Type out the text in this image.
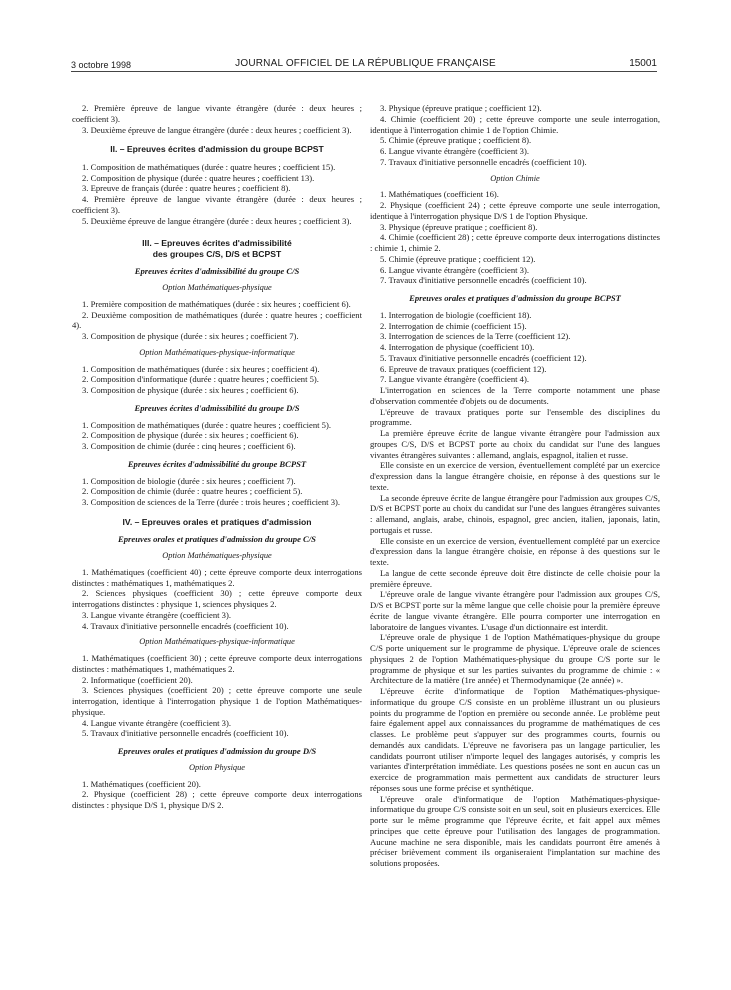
3 octobre 1998	JOURNAL OFFICIEL DE LA RÉPUBLIQUE FRANÇAISE	15001

2. Première épreuve de langue vivante étrangère (durée : deux heures ; coefficient 3).

3. Deuxième épreuve de langue étrangère (durée : deux heures ; coefficient 3).

II. – Epreuves écrites d'admission du groupe BCPST

1. Composition de mathématiques (durée : quatre heures ; coefficient 15).

2. Composition de physique (durée : quatre heures ; coefficient 13).

3. Epreuve de français (durée : quatre heures ; coefficient 8).

4. Première épreuve de langue vivante étrangère (durée : deux heures ; coefficient 3).

5. Deuxième épreuve de langue étrangère (durée : deux heures ; coefficient 3).

III. – Epreuves écrites d'admissibilité
des groupes C/S, D/S et BCPST
Epreuves écrites d'admissibilité du groupe C/S
Option Mathématiques-physique

1. Première composition de mathématiques (durée : six heures ; coefficient 6).

2. Deuxième composition de mathématiques (durée : quatre heures ; coefficient 4).

3. Composition de physique (durée : six heures ; coefficient 7).

Option Mathématiques-physique-informatique

1. Composition de mathématiques (durée : six heures ; coefficient 4).

2. Composition d'informatique (durée : quatre heures ; coefficient 5).

3. Composition de physique (durée : six heures ; coefficient 6).

Epreuves écrites d'admissibilité du groupe D/S

1. Composition de mathématiques (durée : quatre heures ; coefficient 5).

2. Composition de physique (durée : six heures ; coefficient 6).

3. Composition de chimie (durée : cinq heures ; coefficient 6).

Epreuves écrites d'admissibilité du groupe BCPST

1. Composition de biologie (durée : six heures ; coefficient 7).

2. Composition de chimie (durée : quatre heures ; coefficient 5).

3. Composition de sciences de la Terre (durée : trois heures ; coefficient 3).

IV. – Epreuves orales et pratiques d'admission
Epreuves orales et pratiques d'admission du groupe C/S
Option Mathématiques-physique

1. Mathématiques (coefficient 40) ; cette épreuve comporte deux interrogations distinctes : mathématiques 1, mathématiques 2.

2. Sciences physiques (coefficient 30) ; cette épreuve comporte deux interrogations distinctes : physique 1, sciences physiques 2.

3. Langue vivante étrangère (coefficient 3).

4. Travaux d'initiative personnelle encadrés (coefficient 10).

Option Mathématiques-physique-informatique

1. Mathématiques (coefficient 30) ; cette épreuve comporte deux interrogations distinctes : mathématiques 1, mathématiques 2.

2. Informatique (coefficient 20).

3. Sciences physiques (coefficient 20) ; cette épreuve comporte une seule interrogation, identique à l'interrogation physique 1 de l'option Mathématiques-physique.

4. Langue vivante étrangère (coefficient 3).

5. Travaux d'initiative personnelle encadrés (coefficient 10).

Epreuves orales et pratiques d'admission du groupe D/S
Option Physique

1. Mathématiques (coefficient 20).

2. Physique (coefficient 28) ; cette épreuve comporte deux interrogations distinctes : physique D/S 1, physique D/S 2.

3. Physique (épreuve pratique ; coefficient 12).

4. Chimie (coefficient 20) ; cette épreuve comporte une seule interrogation, identique à l'interrogation chimie 1 de l'option Chimie.

5. Chimie (épreuve pratique ; coefficient 8).

6. Langue vivante étrangère (coefficient 3).

7. Travaux d'initiative personnelle encadrés (coefficient 10).

Option Chimie

1. Mathématiques (coefficient 16).

2. Physique (coefficient 24) ; cette épreuve comporte une seule interrogation, identique à l'interrogation physique D/S 1 de l'option Physique.

3. Physique (épreuve pratique ; coefficient 8).

4. Chimie (coefficient 28) ; cette épreuve comporte deux interrogations distinctes : chimie 1, chimie 2.

5. Chimie (épreuve pratique ; coefficient 12).

6. Langue vivante étrangère (coefficient 3).

7. Travaux d'initiative personnelle encadrés (coefficient 10).

Epreuves orales et pratiques d'admission du groupe BCPST

1. Interrogation de biologie (coefficient 18).

2. Interrogation de chimie (coefficient 15).

3. Interrogation de sciences de la Terre (coefficient 12).

4. Interrogation de physique (coefficient 10).

5. Travaux d'initiative personnelle encadrés (coefficient 12).

6. Epreuve de travaux pratiques (coefficient 12).

7. Langue vivante étrangère (coefficient 4).

L'interrogation en sciences de la Terre comporte notamment une phase d'observation commentée d'objets ou de documents.

L'épreuve de travaux pratiques porte sur l'ensemble des disciplines du programme.

La première épreuve écrite de langue vivante étrangère pour l'admission aux groupes C/S, D/S et BCPST porte au choix du candidat sur l'une des langues vivantes étrangères suivantes : allemand, anglais, espagnol, italien et russe.

Elle consiste en un exercice de version, éventuellement complété par un exercice d'expression dans la langue étrangère choisie, en réponse à des questions sur le texte.

La seconde épreuve écrite de langue étrangère pour l'admission aux groupes C/S, D/S et BCPST porte au choix du candidat sur l'une des langues étrangères suivantes : allemand, anglais, arabe, chinois, espagnol, grec ancien, italien, japonais, latin, portugais et russe.

Elle consiste en un exercice de version, éventuellement complété par un exercice d'expression dans la langue étrangère choisie, en réponse à des questions sur le texte.

La langue de cette seconde épreuve doit être distincte de celle choisie pour la première épreuve.

L'épreuve orale de langue vivante étrangère pour l'admission aux groupes C/S, D/S et BCPST porte sur la même langue que celle choisie pour la première épreuve écrite de langue vivante étrangère. Elle pourra comporter une interrogation en laboratoire de langues vivantes. L'usage d'un dictionnaire est interdit.

L'épreuve orale de physique 1 de l'option Mathématiques-physique du groupe C/S porte uniquement sur le programme de physique. L'épreuve orale de sciences physiques 2 de l'option Mathématiques-physique du groupe C/S porte sur le programme de physique et sur les parties suivantes du programme de chimie : « Architecture de la matière (1re année) et Thermodynamique (2e année) ».

L'épreuve écrite d'informatique de l'option Mathématiques-physique-informatique du groupe C/S consiste en un problème illustrant un ou plusieurs points du programme de l'option en première ou seconde année. Le problème peut faire également appel aux connaissances du programme de mathématiques de ces classes. Le problème peut s'appuyer sur des programmes courts, fournis ou demandés aux candidats. L'épreuve ne favorisera pas un langage particulier, les candidats pourront utiliser n'importe lequel des langages autorisés, y compris les variantes d'interprétation immédiate. Les questions posées ne sont en aucun cas un exercice de programmation mais permettent aux candidats de structurer leurs réponses sous une forme précise et synthétique.

L'épreuve orale d'informatique de l'option Mathématiques-physique-informatique du groupe C/S consiste soit en un seul, soit en plusieurs exercices. Elle porte sur le même programme que l'épreuve écrite, et fait appel aux mêmes principes que cette épreuve pour l'utilisation des langages de programmation. Aucune machine ne sera disponible, mais les candidats pourront être amenés à préciser brièvement comment ils organiseraient l'implantation sur machine des solutions proposées.
